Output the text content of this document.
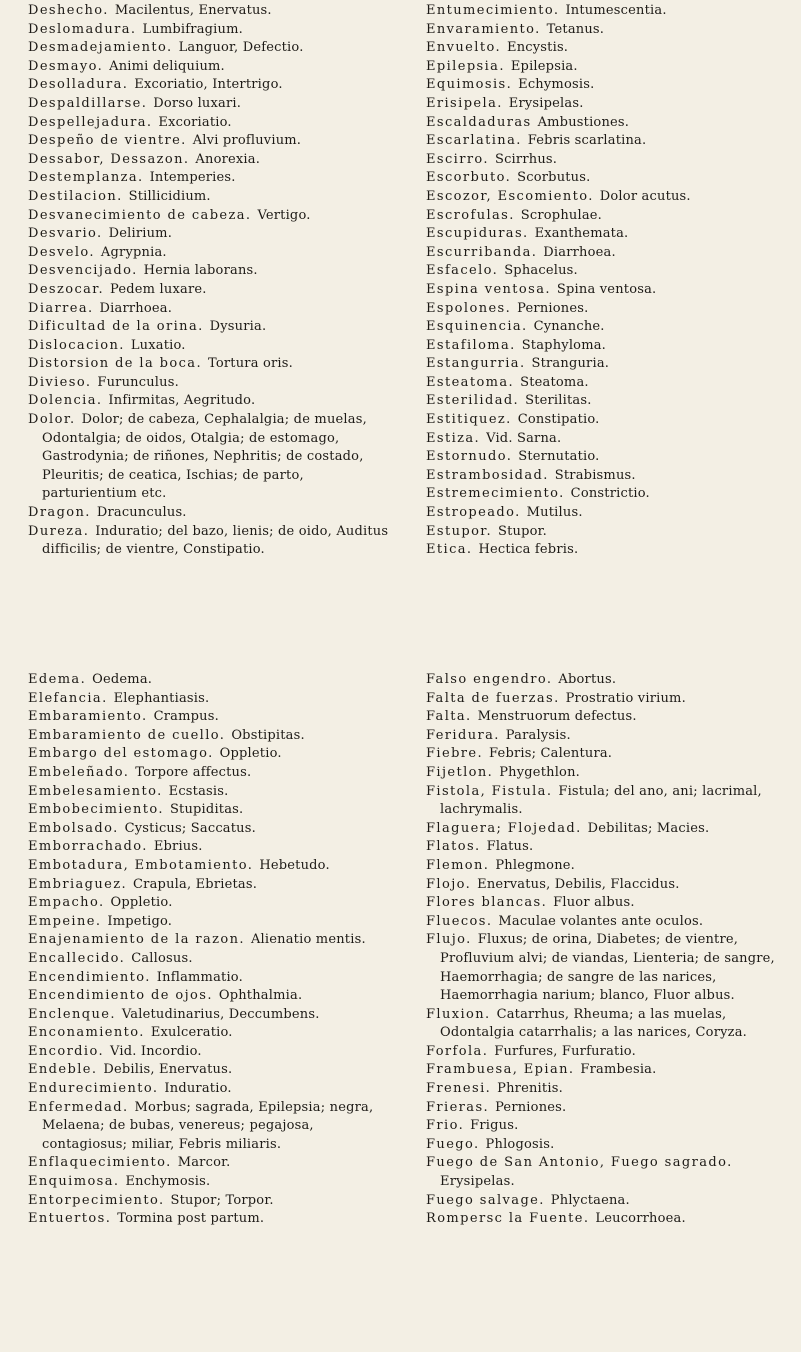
Deshecho. Macilentus, Enervatus.

Deslomadura. Lumbifragium.

Desmadejamiento. Languor, Defectio.

Desmayo. Animi deliquium.

Desolladura. Excoriatio, Intertrigo.

Despaldillarse. Dorso luxari.

Despellejadura. Excoriatio.

Despeño de vientre. Alvi profluvium.

Dessabor, Dessazon. Anorexia.

Destemplanza. Intemperies.

Destilacion. Stillicidium.

Desvanecimiento de cabeza. Vertigo.

Desvario. Delirium.

Desvelo. Agrypnia.

Desvencijado. Hernia laborans.

Deszocar. Pedem luxare.

Diarrea. Diarrhoea.

Dificultad de la orina. Dysuria.

Dislocacion. Luxatio.

Distorsion de la boca. Tortura oris.

Divieso. Furunculus.

Dolencia. Infirmitas, Aegritudo.

Dolor. Dolor; de cabeza, Cephalalgia; de muelas, Odontalgia; de oidos, Otalgia; de estomago, Gastrodynia; de riñones, Nephritis; de costado, Pleuritis; de ceatica, Ischias; de parto, parturientium etc.

Dragon. Dracunculus.

Dureza. Induratio; del bazo, lienis; de oido, Auditus difficilis; de vientre, Constipatio.

Entumecimiento. Intumescentia.

Envaramiento. Tetanus.

Envuelto. Encystis.

Epilepsia. Epilepsia.

Equimosis. Echymosis.

Erisipela. Erysipelas.

Escaldaduras Ambustiones.

Escarlatina. Febris scarlatina.

Escirro. Scirrhus.

Escorbuto. Scorbutus.

Escozor, Escomiento. Dolor acutus.

Escrofulas. Scrophulae.

Escupiduras. Exanthemata.

Escurribanda. Diarrhoea.

Esfacelo. Sphacelus.

Espina ventosa. Spina ventosa.

Espolones. Perniones.

Esquinencia. Cynanche.

Estafiloma. Staphyloma.

Estangurria. Stranguria.

Esteatoma. Steatoma.

Esterilidad. Sterilitas.

Estitiquez. Constipatio.

Estiza. Vid. Sarna.

Estornudo. Sternutatio.

Estrambosidad. Strabismus.

Estremecimiento. Constrictio.

Estropeado. Mutilus.

Estupor. Stupor.

Etica. Hectica febris.

Edema. Oedema.

Elefancia. Elephantiasis.

Embaramiento. Crampus.

Embaramiento de cuello. Obstipitas.

Embargo del estomago. Oppletio.

Embeleñado. Torpore affectus.

Embelesamiento. Ecstasis.

Embobecimiento. Stupiditas.

Embolsado. Cysticus; Saccatus.

Emborrachado. Ebrius.

Embotadura, Embotamiento. Hebetudo.

Embriaguez. Crapula, Ebrietas.

Empacho. Oppletio.

Empeine. Impetigo.

Enajenamiento de la razon. Alienatio mentis.

Encallecido. Callosus.

Encendimiento. Inflammatio.

Encendimiento de ojos. Ophthalmia.

Enclenque. Valetudinarius, Deccumbens.

Enconamiento. Exulceratio.

Encordio. Vid. Incordio.

Endeble. Debilis, Enervatus.

Endurecimiento. Induratio.

Enfermedad. Morbus; sagrada, Epilepsia; negra, Melaena; de bubas, venereus; pegajosa, contagiosus; miliar, Febris miliaris.

Enflaquecimiento. Marcor.

Enquimosa. Enchymosis.

Entorpecimiento. Stupor; Torpor.

Entuertos. Tormina post partum.

Falso engendro. Abortus.

Falta de fuerzas. Prostratio virium.

Falta. Menstruorum defectus.

Feridura. Paralysis.

Fiebre. Febris; Calentura.

Fijetlon. Phygethlon.

Fistola, Fistula. Fistula; del ano, ani; lacrimal, lachrymalis.

Flaguera; Flojedad. Debilitas; Macies.

Flatos. Flatus.

Flemon. Phlegmone.

Flojo. Enervatus, Debilis, Flaccidus.

Flores blancas. Fluor albus.

Fluecos. Maculae volantes ante oculos.

Flujo. Fluxus; de orina, Diabetes; de vientre, Profluvium alvi; de viandas, Lienteria; de sangre, Haemorrhagia; de sangre de las narices, Haemorrhagia narium; blanco, Fluor albus.

Fluxion. Catarrhus, Rheuma; a las muelas, Odontalgia catarrhalis; a las narices, Coryza.

Forfola. Furfures, Furfuratio.

Frambuesa, Epian. Frambesia.

Frenesi. Phrenitis.

Frieras. Perniones.

Frio. Frigus.

Fuego. Phlogosis.

Fuego de San Antonio, Fuego sagrado.Erysipelas.

Fuego salvage. Phlyctaena.

Rompersc la Fuente. Leucorrhoea.
